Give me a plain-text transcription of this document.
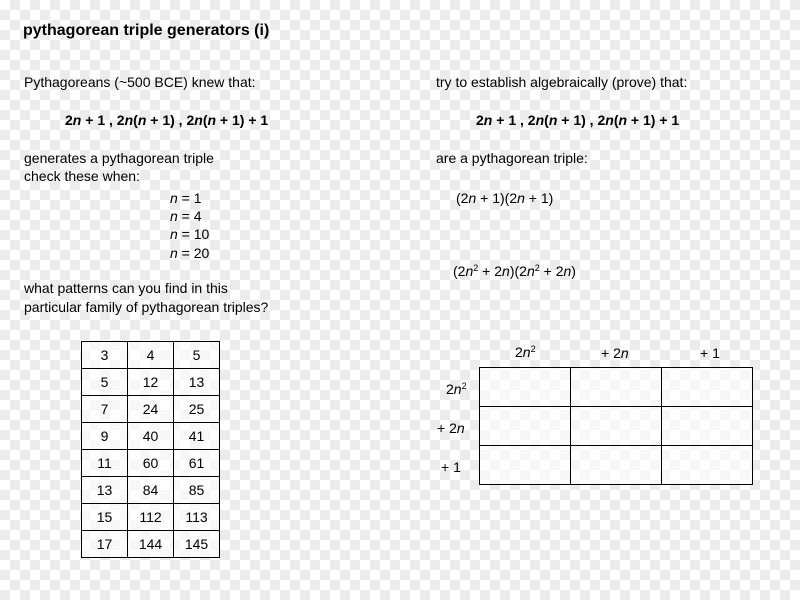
pythagorean triple generators (i)
Pythagoreans (~500 BCE) knew that:
2n + 1 , 2n(n + 1) , 2n(n + 1) + 1
generates a pythagorean triple
check these when:
n = 1
n = 4
n = 10
n = 20
what patterns can you find in this
particular family of pythagorean triples?
3	4	5
5	12	13
7	24	25
9	40	41
11	60	61
13	84	85
15	112	113
17	144	145
try to establish algebraically (prove) that:
2n + 1 , 2n(n + 1) , 2n(n + 1) + 1
are a pythagorean triple:
(2n + 1)(2n + 1)
$(2n^2 + 2n)(2n^2 + 2n)$
$2n^2$	+ 2n	+ 1
$2n^2$
+ 2n
+ 1
